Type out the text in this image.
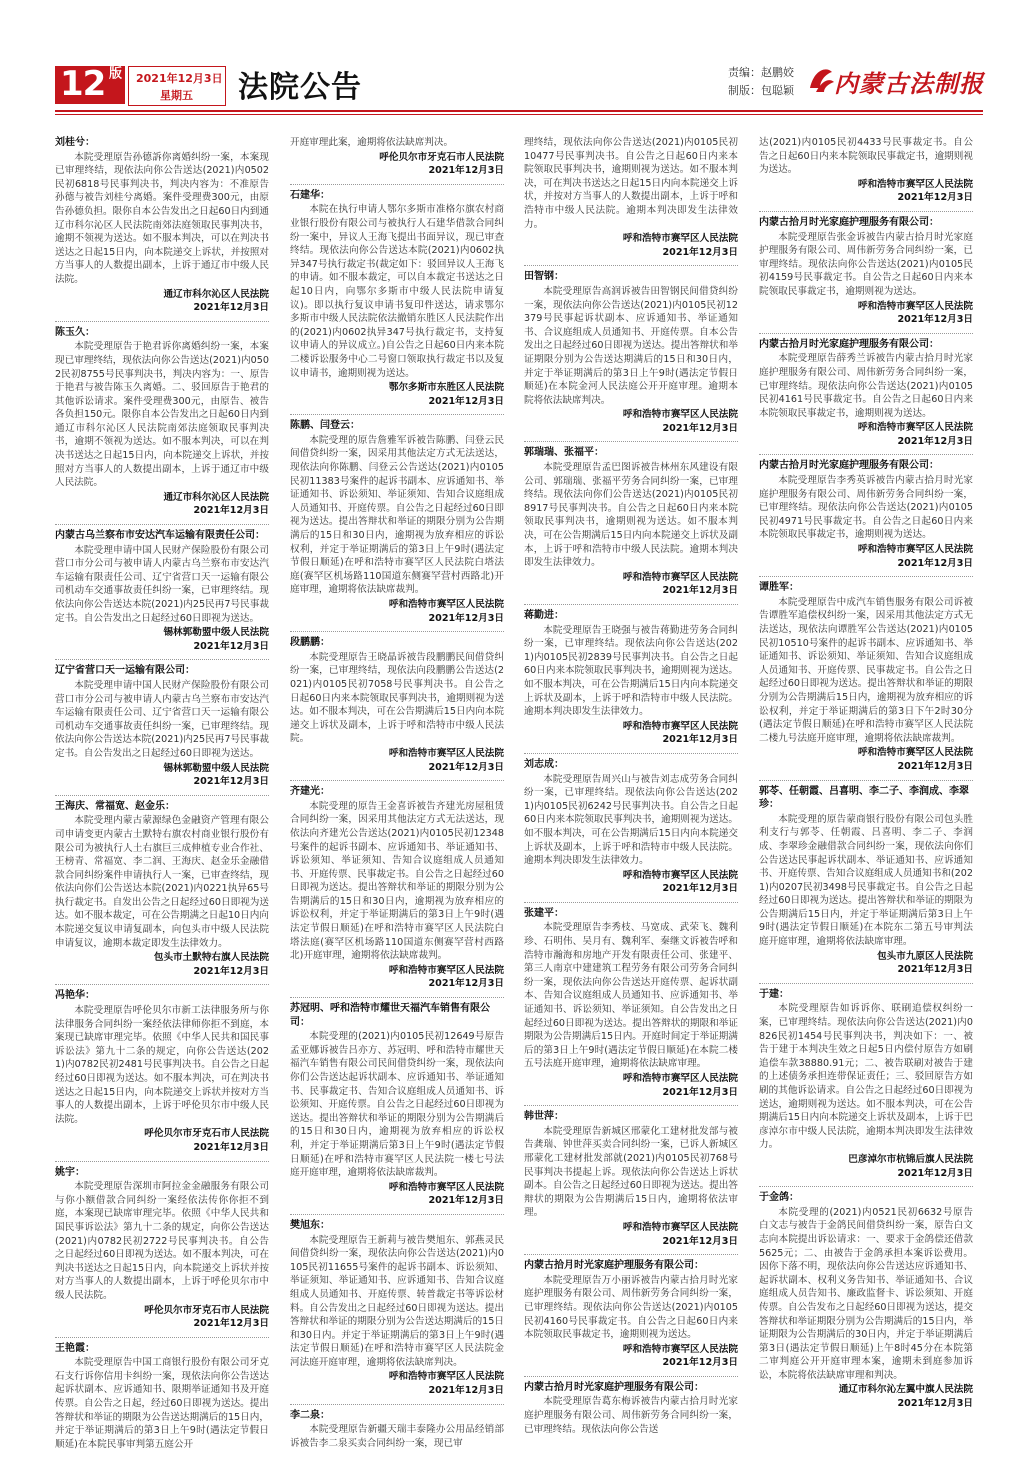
12 版 2021年12月3日
星期五 法院公告	责编：赵鹏姣
制版：包聪颖 内蒙古法制报
刘桂兮：

本院受理原告孙德訴你离婚纠纷一案，本案现已审理终结，现依法向你公告送达(2021)内0502民初6818号民事判决书，判决内容为：不准原告孙德与被告刘桂兮离婚。案件受理费300元，由原告孙德负担。限你自本公告发出之日起60日内到通辽市科尔沁区人民法院南郊法庭领取民事判决书，逾期不领视为送达。如不服本判决，可以在判决书送达之日起15日内，向本院递交上诉状，并按照对方当事人的人数提出副本，上诉于通辽市中级人民法院。

通辽市科尔沁区人民法院
2021年12月3日
陈玉久：

本院受理原告于艳君诉你离婚纠纷一案，本案现已审理终结，现依法向你公告送达(2021)内0502民初8755号民事判决书，判决内容为：一、原告于艳君与被告陈玉久离婚。二、驳回原告于艳君的其他诉讼请求。案件受理费300元，由原告、被告各负担150元。限你自本公告发出之日起60日内到通辽市科尔沁区人民法院南郊法庭领取民事判决书，逾期不领视为送达。如不服本判决，可以在判决书送达之日起15日内，向本院递交上诉状，并按照对方当事人的人数提出副本，上诉于通辽市中级人民法院。

通辽市科尔沁区人民法院
2021年12月3日
内蒙古乌兰察布市安达汽车运输有限责任公司：

本院受理申请中国人民财产保险股份有限公司营口市分公司与被申请人内蒙古乌兰察布市安达汽车运输有限责任公司、辽宁省营口天一运输有限公司机动车交通事故责任纠纷一案，已审理终结。现依法向你公告送达本院(2021)内25民再7号民事裁定书。自公告发出之日起经过60日即视为送达。

锡林郭勒盟中级人民法院
2021年12月3日
辽宁省营口天一运输有限公司：

本院受理申请中国人民财产保险股份有限公司营口市分公司与被申请人内蒙古乌兰察布市安达汽车运输有限责任公司、辽宁省营口天一运输有限公司机动车交通事故责任纠纷一案，已审理终结。现依法向你公告送达本院(2021)内25民再7号民事裁定书。自公告发出之日起经过60日即视为送达。

锡林郭勒盟中级人民法院
2021年12月3日
王海庆、常福宽、赵金乐：

本院受理内蒙古蒙源绿色金融资产管理有限公司申请变更内蒙古土默特右旗农村商业银行股份有限公司为被执行人土右旗巨三成伸植专业合作社、王榜青、常福宽、李二润、王海庆、赵金乐金融借款合同纠纷案件申请执行人一案，已审查终结，现依法向你们公告送达本院(2021)内0221执异65号执行裁定书。自发出公告之日起经过60日即视为送达。如不服本裁定，可在公告期满之日起10日内向本院递交复议申请复副本，向包头市中级人民法院申请复议，逾期本裁定即发生法律效力。

包头市土默特右旗人民法院
2021年12月3日
冯艳华：

本院受理原告呼伦贝尔市新工法律服务所与你法律服务合同纠纷一案经依法律师你拒不到庭，本案现已缺席审理完毕。依照《中华人民共和国民事诉讼法》第九十二条的规定，向你公告送达(2021)内0782民初2481号民事判决书。自公告之日起经过60日即视为送达。如不服本判决，可在判决书送达之日起15日内，向本院递交上诉状并按对方当事人的人数提出副本，上诉于呼伦贝尔市中级人民法院。

呼伦贝尔市牙克石市人民法院
2021年12月3日
姚宇：

本院受理原告深圳市阿拉金金融服务有限公司与你小额借款合同纠纷一案经依法传你你拒不到庭，本案现已缺席审理完毕。依照《中华人民共和国民事诉讼法》第九十二条的规定，向你公告送达(2021)内0782民初2722号民事判决书。自公告之日起经过60日即视为送达。如不服本判决，可在判决书送达之日起15日内，向本院递交上诉状并按对方当事人的人数提出副本，上诉于呼伦贝尔市中级人民法院。

呼伦贝尔市牙克石市人民法院
2021年12月3日
王艳霞：

本院受理原告中国工商银行股份有限公司牙克石支行诉你信用卡纠纷一案，现依法向你公告送达起诉状副本、应诉通知书、限期举证通知书及开庭传票。自公告之日起，经过60日即视为送达。提出答辩状和举证的期限为公告送达期满后的15日内，并定于举证期满后的第3日上午9时(遇法定节假日顺延)在本院民事审判第五庭公开

开庭审理此案，逾期将依法缺席判决。

呼伦贝尔市牙克石市人民法院
2021年12月3日
石建华：

本院在执行申请人鄂尔多斯市准格尔旗农村商业银行股份有限公司与被执行人石建华借款合同纠纷一案中，异议人王海飞提出书面异议，现已审查终结。现依法向你公告送达本院(2021)内0602执异347号执行裁定书(裁定如下：驳回异议人王海飞的申请。如不服本裁定，可以自本裁定书送达之日起10日内，向鄂尔多斯市中级人民法院申请复议)。即以执行复议申请书复印件送达，请求鄂尔多斯市中级人民法院依法撤销东胜区人民法院作出的(2021)内0602执异347号执行裁定书，支持复议申请人的异议成立。)自公告之日起60日内来本院二楼诉讼服务中心二号窗口领取执行裁定书以及复议申请书，逾期则视为送达。

鄂尔多斯市东胜区人民法院
2021年12月3日
陈鹏、闫登云：

本院受理的原告詹雅军诉被告陈鹏、闫登云民间借贷纠纷一案，因采用其他法定方式无法送达，现依法向你陈鹏、闫登云公告送达(2021)内0105民初11383号案件的起诉书副本、应诉通知书、举证通知书、诉讼须知、举证须知、告知合议庭组成人员通知书、开庭传票。自公告之日起经过60日即视为送达。提出答辩状和举证的期限分别为公告期满后的15日和30日内，逾期视为放弃相应的诉讼权利，并定于举证期满后的第3日上午9时(遇法定节假日顺延)在呼和浩特市赛罕区人民法院白塔法庭(赛罕区机场路110国道东侧赛罕营村西路北)开庭审理，逾期将依法缺席裁判。

呼和浩特市赛罕区人民法院
2021年12月3日
段鹏鹏：

本院受理原告王晓晶诉被告段鹏鹏民间借贷纠纷一案，已审理终结，现依法向段鹏鹏公告送达(2021)内0105民初7058号民事判决书。自公告之日起60日内来本院领取民事判决书，逾期则视为送达。如不服本判决，可在公告期满后15日内向本院递交上诉状及副本，上诉于呼和浩特市中级人民法院。

呼和浩特市赛罕区人民法院
2021年12月3日
齐建光：

本院受理的原告王金喜诉被告齐建光房屋租赁合同纠纷一案，因采用其他法定方式无法送达，现依法向齐建光公告送达(2021)内0105民初12348号案件的起诉书副本、应诉通知书、举证通知书、诉讼须知、举证须知、告知合议庭组成人员通知书、开庭传票、民事裁定书。自公告之日起经过60日即视为送达。提出答辩状和举证的期限分别为公告期满后的15日和30日内，逾期视为放弃相应的诉讼权利，并定于举证期满后的第3日上午9时(遇法定节假日顺延)在呼和浩特市赛罕区人民法院白塔法庭(赛罕区机场路110国道东侧赛罕营村西路北)开庭审理，逾期将依法缺席裁判。

呼和浩特市赛罕区人民法院
2021年12月3日
苏冠明、呼和浩特市耀世天福汽车销售有限公司：

本院受理的(2021)内0105民初12649号原告孟亚娜诉被告吕亦方、苏冠明、呼和浩特市耀世天福汽车销售有限公司民间借贷纠纷一案，现依法向你们公告送达起诉状副本、应诉通知书、举证通知书、民事裁定书、告知合议庭组成人员通知书、诉讼须知、开庭传票。自公告之日起经过60日即视为送达。提出答辩状和举证的期限分别为公告期满后的15日和30日内，逾期视为放弃相应的诉讼权利，并定于举证期满后第3日上午9时(遇法定节假日顺延)在呼和浩特市赛罕区人民法院一楼七号法庭开庭审理，逾期将依法缺席裁判。

呼和浩特市赛罕区人民法院
2021年12月3日
樊旭东：

本院受理原告王新莉与被告樊旭东、郭燕灵民间借贷纠纷一案，现依法向你公告送达(2021)内0105民初11655号案件的起诉书副本、诉讼须知、举证须知、举证通知书、应诉通知书、告知合议庭组成人员通知书、开庭传票、转普裁定书等诉讼材料。自公告发出之日起经过60日即视为送达。提出答辩状和举证的期限分别为公告送达期满后的15日和30日内。并定于举证期满后的第3日上午9时(遇法定节假日顺延)在呼和浩特市赛罕区人民法院金河法庭开庭审理，逾期将依法缺席判决。

呼和浩特市赛罕区人民法院
2021年12月3日
李二泉：

本院受理原告新疆天瑞丰泰隆办公用品经销部诉被告李二泉买卖合同纠纷一案，现已审

理终结，现依法向你公告送达(2021)内0105民初10477号民事判决书。自公告之日起60日内来本院领取民事判决书，逾期则视为送达。如不服本判决，可在判决书送达之日起15日内向本院递交上诉状，并按对方当事人的人数提出副本，上诉于呼和浩特市中级人民法院。逾期本判决即发生法律效力。

呼和浩特市赛罕区人民法院
2021年12月3日
田智钢：

本院受理原告高润诉被告田智钢民间借贷纠纷一案，现依法向你公告送达(2021)内0105民初12379号民事起诉状副本、应诉通知书、举证通知书、合议庭组成人员通知书、开庭传票。自本公告发出之日起经过60日即视为送达。提出答辩状和举证期限分别为公告送达期满后的15日和30日内，并定于举证期满后的第3日上午9时(遇法定节假日顺延)在本院金河人民法庭公开开庭审理。逾期本院将依法缺席判决。

呼和浩特市赛罕区人民法院
2021年12月3日
郭瑞瑞、张福平：

本院受理原告孟巴图诉被告林州东风建设有限公司、郭瑞瑞、张福平劳务合同纠纷一案，已审理终结。现依法向你们公告送达(2021)内0105民初8917号民事判决书。自公告之日起60日内来本院领取民事判决书，逾期则视为送达。如不服本判决，可在公告期满后15日内向本院递交上诉状及副本，上诉于呼和浩特市中级人民法院。逾期本判决即发生法律效力。

呼和浩特市赛罕区人民法院
2021年12月3日
蒋勤进：

本院受理原告王晓强与被告蒋勤进劳务合同纠纷一案，已审理终结。现依法向你公告送达(2021)内0105民初2839号民事判决书。自公告之日起60日内来本院领取民事判决书，逾期则视为送达。如不服本判决，可在公告期满后15日内向本院递交上诉状及副本，上诉于呼和浩特市中级人民法院。逾期本判决即发生法律效力。

呼和浩特市赛罕区人民法院
2021年12月3日
刘志成：

本院受理原告周兴山与被告刘志成劳务合同纠纷一案，已审理终结。现依法向你公告送达(2021)内0105民初6242号民事判决书。自公告之日起60日内来本院领取民事判决书，逾期则视为送达。如不服本判决，可在公告期满后15日内向本院递交上诉状及副本，上诉于呼和浩特市中级人民法院。逾期本判决即发生法律效力。

呼和浩特市赛罕区人民法院
2021年12月3日
张建平：

本院受理原告李秀枝、马宽成、武荣飞、魏利珍、石明伟、吴月有、魏利军、秦继文诉被告呼和浩特市瀚海和房地产开发有限责任公司、张建平、第三人南京中建建筑工程劳务有限公司劳务合同纠纷一案，现依法向你公告送达开庭传票、起诉状副本、告知合议庭组成人员通知书、应诉通知书、举证通知书、诉讼须知、举证须知。自公告发出之日起经过60日即视为送达。提出答辩状的期限和举证期限为公告期满后15日内。开庭时间定于举证期满后的第3日上午9时(遇法定节假日顺延)在本院二楼五号法庭开庭审理，逾期将依法缺席审理。

呼和浩特市赛罕区人民法院
2021年12月3日
韩世萍：

本院受理原告新城区邢蒙化工建材批发部与被告龚瑞、钟世萍买卖合同纠纷一案，已诉人新城区邢蒙化工建材批发部就(2021)内0105民初768号民事判决书提起上诉。现依法向你公告送达上诉状副本。自公告之日起经过60日即视为送达。提出答辩状的期限为公告期满后15日内，逾期将依法审理。

呼和浩特市赛罕区人民法院
2021年12月3日
内蒙古拾月时光家庭护理服务有限公司：

本院受理原告万小丽诉被告内蒙古拾月时光家庭护理服务有限公司、周伟新劳务合同纠纷一案，已审理终结。现依法向你公告送达(2021)内0105民初4160号民事裁定书。自公告之日起60日内来本院领取民事裁定书，逾期则视为送达。

呼和浩特市赛罕区人民法院
2021年12月3日
内蒙古拾月时光家庭护理服务有限公司：

本院受理原告葛东梅诉被告内蒙古拾月时光家庭护理服务有限公司、周伟新劳务合同纠纷一案，已审理终结。现依法向你公告送

达(2021)内0105民初4433号民事裁定书。自公告之日起60日内来本院领取民事裁定书，逾期则视为送达。

呼和浩特市赛罕区人民法院
2021年12月3日
内蒙古拾月时光家庭护理服务有限公司：

本院受理原告张金诉被告内蒙古拾月时光家庭护理服务有限公司、周伟新劳务合同纠纷一案，已审理终结。现依法向你公告送达(2021)内0105民初4159号民事裁定书。自公告之日起60日内来本院领取民事裁定书，逾期则视为送达。

呼和浩特市赛罕区人民法院
2021年12月3日
内蒙古拾月时光家庭护理服务有限公司：

本院受理原告薛秀兰诉被告内蒙古拾月时光家庭护理服务有限公司、周伟新劳务合同纠纷一案，已审理终结。现依法向你公告送达(2021)内0105民初4161号民事裁定书。自公告之日起60日内来本院领取民事裁定书，逾期则视为送达。

呼和浩特市赛罕区人民法院
2021年12月3日
内蒙古拾月时光家庭护理服务有限公司：

本院受理原告李秀英诉被告内蒙古拾月时光家庭护理服务有限公司、周伟新劳务合同纠纷一案，已审理终结。现依法向你公告送达(2021)内0105民初4971号民事裁定书。自公告之日起60日内来本院领取民事裁定书，逾期则视为送达。

呼和浩特市赛罕区人民法院
2021年12月3日
谭胜军：

本院受理原告中成汽车销售服务有限公司诉被告谭胜军追偿权纠纷一案，因采用其他法定方式无法送达，现依法向谭胜军公告送达(2021)内0105民初10510号案件的起诉书副本、应诉通知书、举证通知书、诉讼须知、举证须知、告知合议庭组成人员通知书、开庭传票、民事裁定书。自公告之日起经过60日即视为送达。提出答辩状和举证的期限分别为公告期满后15日内，逾期视为放弃相应的诉讼权利，并定于举证期满后的第3日下午2时30分(遇法定节假日顺延)在呼和浩特市赛罕区人民法院二楼九号法庭开庭审理，逾期将依法缺席裁判。

呼和浩特市赛罕区人民法院
2021年12月3日
郭苓、任朝霞、吕喜明、李二子、李润成、李翠珍：

本院受理的原告蒙商银行股份有限公司包头胜利支行与郭苓、任朝霞、吕喜明、李二子、李润成、李翠珍金融借款合同纠纷一案，现依法向你们公告送达民事起诉状副本、举证通知书、应诉通知书、开庭传票、告知合议庭组成人员通知书和(2021)内0207民初3498号民事裁定书。自公告之日起经过60日即视为送达。提出答辩状和举证的期限为公告期满后15日内，并定于举证期满后第3日上午9时(遇法定节假日顺延)在本院东二第五号审判法庭开庭审理，逾期将依法缺席审理。

包头市九原区人民法院
2021年12月3日
于建：

本院受理原告如诉诉你、联刷追偿权纠纷一案，已审理终结。现依法向你公告送达(2021)内0826民初1454号民事判决书，判决如下：一、被告于建于本判决生效之日起5日内偿付原告方如刷追偿车款38880.91元；二、被告联刷对被告于建的上述债务承担连带保证责任；三、驳回原告方如刷的其他诉讼请求。自公告之日起经过60日即视为送达，逾期则视为送达。如不服本判决，可在公告期满后15日内向本院递交上诉状及副本，上诉于巴彦淖尔市中级人民法院，逾期本判决即发生法律效力。

巴彦淖尔市杭锦后旗人民法院
2021年12月3日
于金鸽：

本院受理的(2021)内0521民初6632号原告白文志与被告于金鸽民间借贷纠纷一案，原告白文志向本院提出诉讼请求：一、要求于金鸽偿还借款5625元；二、由被告于金鸽承担本案诉讼费用。因你下落不明，现依法向你公告送达应诉通知书、起诉状副本、权利义务告知书、举证通知书、合议庭组成人员告知书、廉政监督卡、诉讼须知、开庭传票。自公告发布之日起经60日即视为送达，提交答辩状和举证期限分别为公告期满后的15日内，举证期限为公告期满后的30日内，并定于举证期满后第3日(遇法定节假日顺延)上午8时45分在本院第二审判庭公开开庭审理本案，逾期未到庭参加诉讼，本院将依法缺席审理和判决。

通辽市科尔沁左翼中旗人民法院
2021年12月3日
